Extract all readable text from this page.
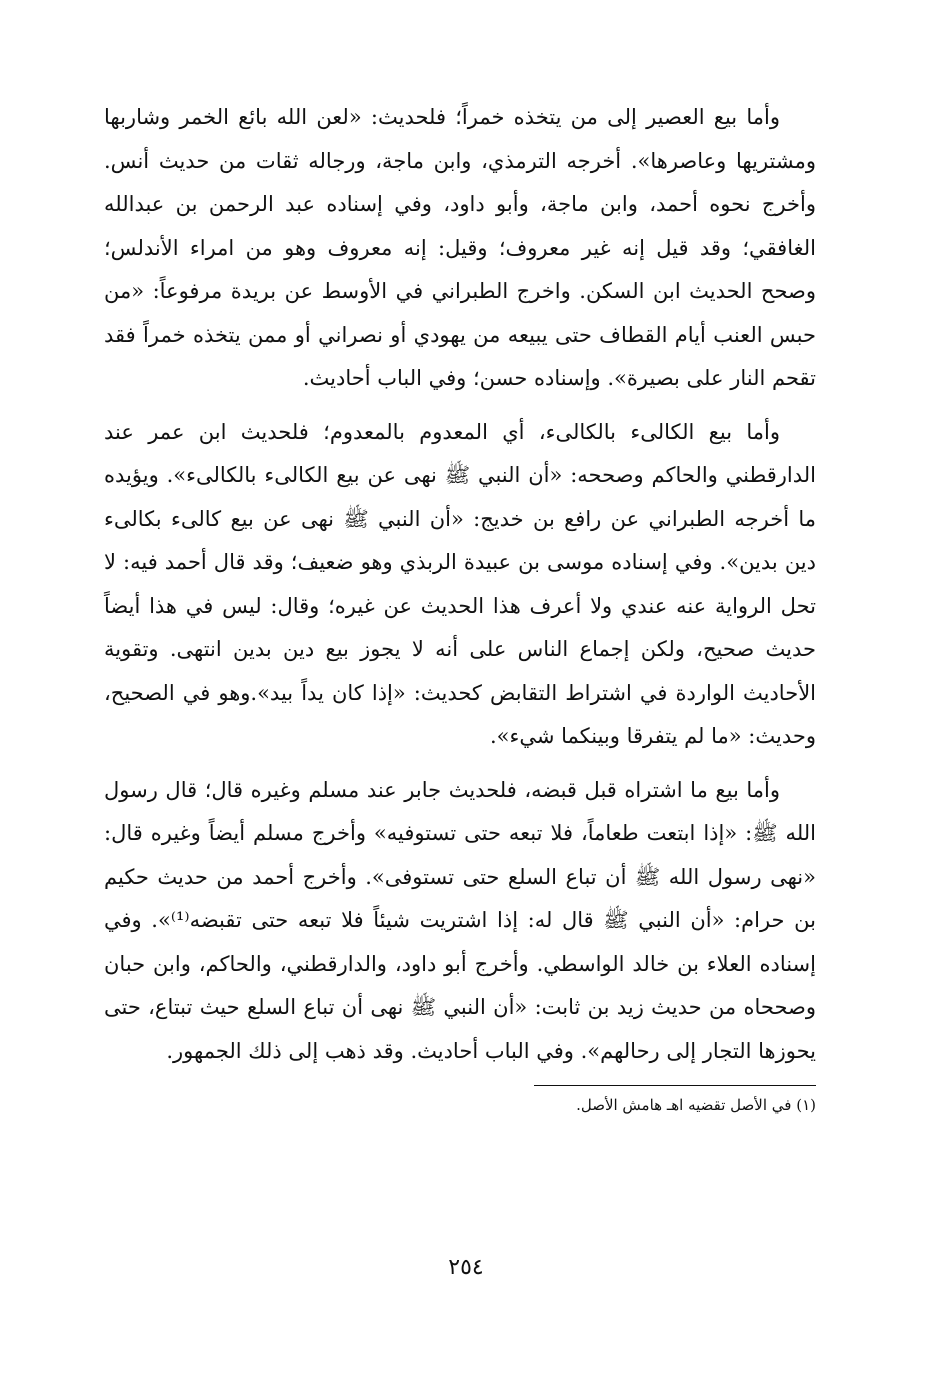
وأما بيع العصير إلى من يتخذه خمراً؛ فلحديث: «لعن الله بائع الخمر وشاربها ومشتريها وعاصرها». أخرجه الترمذي، وابن ماجة، ورجاله ثقات من حديث أنس. وأخرج نحوه أحمد، وابن ماجة، وأبو داود، وفي إسناده عبد الرحمن بن عبدالله الغافقي؛ وقد قيل إنه غير معروف؛ وقيل: إنه معروف وهو من امراء الأندلس؛ وصحح الحديث ابن السكن. واخرج الطبراني في الأوسط عن بريدة مرفوعاً: «من حبس العنب أيام القطاف حتى يبيعه من يهودي أو نصراني أو ممن يتخذه خمراً فقد تقحم النار على بصيرة». وإسناده حسن؛ وفي الباب أحاديث.

وأما بيع الكالىء بالكالىء، أي المعدوم بالمعدوم؛ فلحديث ابن عمر عند الدارقطني والحاكم وصححه: «أن النبي ﷺ نهى عن بيع الكالىء بالكالىء». ويؤيده ما أخرجه الطبراني عن رافع بن خديج: «أن النبي ﷺ نهى عن بيع كالىء بكالىء دين بدين». وفي إسناده موسى بن عبيدة الربذي وهو ضعيف؛ وقد قال أحمد فيه: لا تحل الرواية عنه عندي ولا أعرف هذا الحديث عن غيره؛ وقال: ليس في هذا أيضاً حديث صحيح، ولكن إجماع الناس على أنه لا يجوز بيع دين بدين انتهى. وتقوية الأحاديث الواردة في اشتراط التقابض كحديث: «إذا كان يداً بيد».وهو في الصحيح، وحديث: «ما لم يتفرقا وبينكما شيء».

وأما بيع ما اشتراه قبل قبضه، فلحديث جابر عند مسلم وغيره قال؛ قال رسول الله ﷺ: «إذا ابتعت طعاماً، فلا تبعه حتى تستوفيه» وأخرج مسلم أيضاً وغيره قال: «نهى رسول الله ﷺ أن تباع السلع حتى تستوفى». وأخرج أحمد من حديث حكيم بن حرام: «أن النبي ﷺ قال له: إذا اشتريت شيئاً فلا تبعه حتى تقبضه⁽¹⁾». وفي إسناده العلاء بن خالد الواسطي. وأخرج أبو داود، والدارقطني، والحاكم، وابن حبان وصححاه من حديث زيد بن ثابت: «أن النبي ﷺ نهى أن تباع السلع حيث تبتاع، حتى يحوزها التجار إلى رحالهم». وفي الباب أحاديث. وقد ذهب إلى ذلك الجمهور.

(١) في الأصل تقضيه اهـ هامش الأصل.
٢٥٤
